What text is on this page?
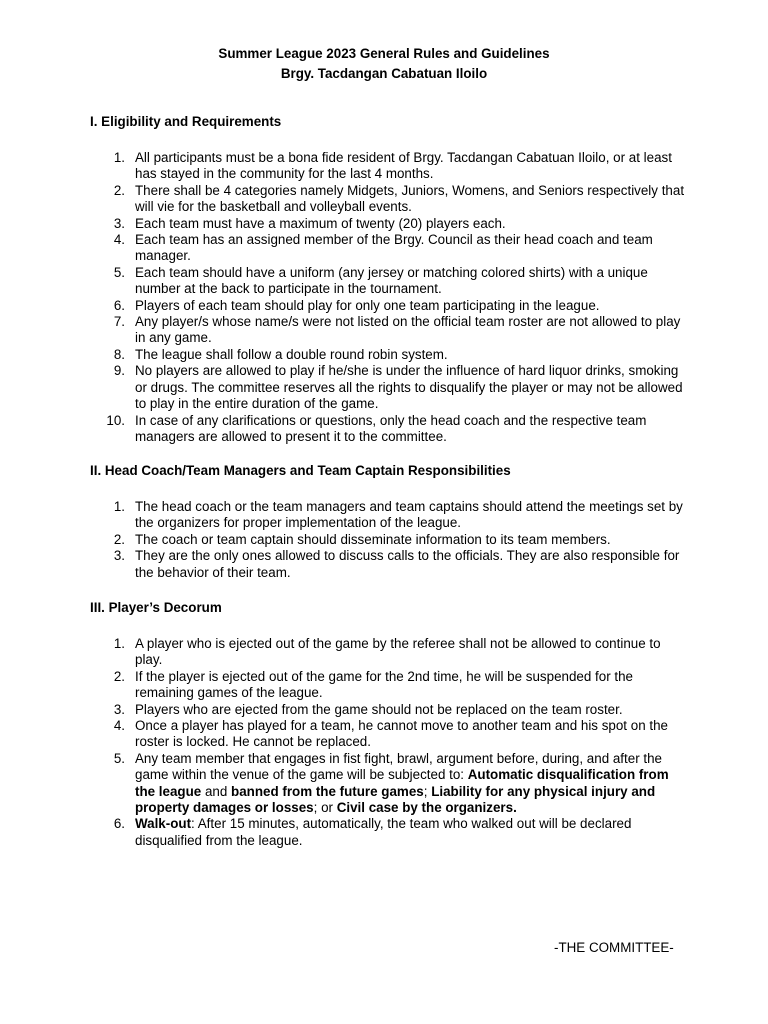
Summer League 2023 General Rules and Guidelines
Brgy. Tacdangan Cabatuan Iloilo
I. Eligibility and Requirements
1. All participants must be a bona fide resident of Brgy. Tacdangan Cabatuan Iloilo, or at least has stayed in the community for the last 4 months.
2. There shall be 4 categories namely Midgets, Juniors, Womens, and Seniors respectively that will vie for the basketball and volleyball events.
3. Each team must have a maximum of twenty (20) players each.
4. Each team has an assigned member of the Brgy. Council as their head coach and team manager.
5. Each team should have a uniform (any jersey or matching colored shirts) with a unique number at the back to participate in the tournament.
6. Players of each team should play for only one team participating in the league.
7. Any player/s whose name/s were not listed on the official team roster are not allowed to play in any game.
8. The league shall follow a double round robin system.
9. No players are allowed to play if he/she is under the influence of hard liquor drinks, smoking or drugs. The committee reserves all the rights to disqualify the player or may not be allowed to play in the entire duration of the game.
10. In case of any clarifications or questions, only the head coach and the respective team managers are allowed to present it to the committee.
II. Head Coach/Team Managers and Team Captain Responsibilities
1. The head coach or the team managers and team captains should attend the meetings set by the organizers for proper implementation of the league.
2. The coach or team captain should disseminate information to its team members.
3. They are the only ones allowed to discuss calls to the officials. They are also responsible for the behavior of their team.
III. Player’s Decorum
1. A player who is ejected out of the game by the referee shall not be allowed to continue to play.
2. If the player is ejected out of the game for the 2nd time, he will be suspended for the remaining games of the league.
3. Players who are ejected from the game should not be replaced on the team roster.
4. Once a player has played for a team, he cannot move to another team and his spot on the roster is locked. He cannot be replaced.
5. Any team member that engages in fist fight, brawl, argument before, during, and after the game within the venue of the game will be subjected to: Automatic disqualification from the league and banned from the future games; Liability for any physical injury and property damages or losses; or Civil case by the organizers.
6. Walk-out: After 15 minutes, automatically, the team who walked out will be declared disqualified from the league.
-THE COMMITTEE-
